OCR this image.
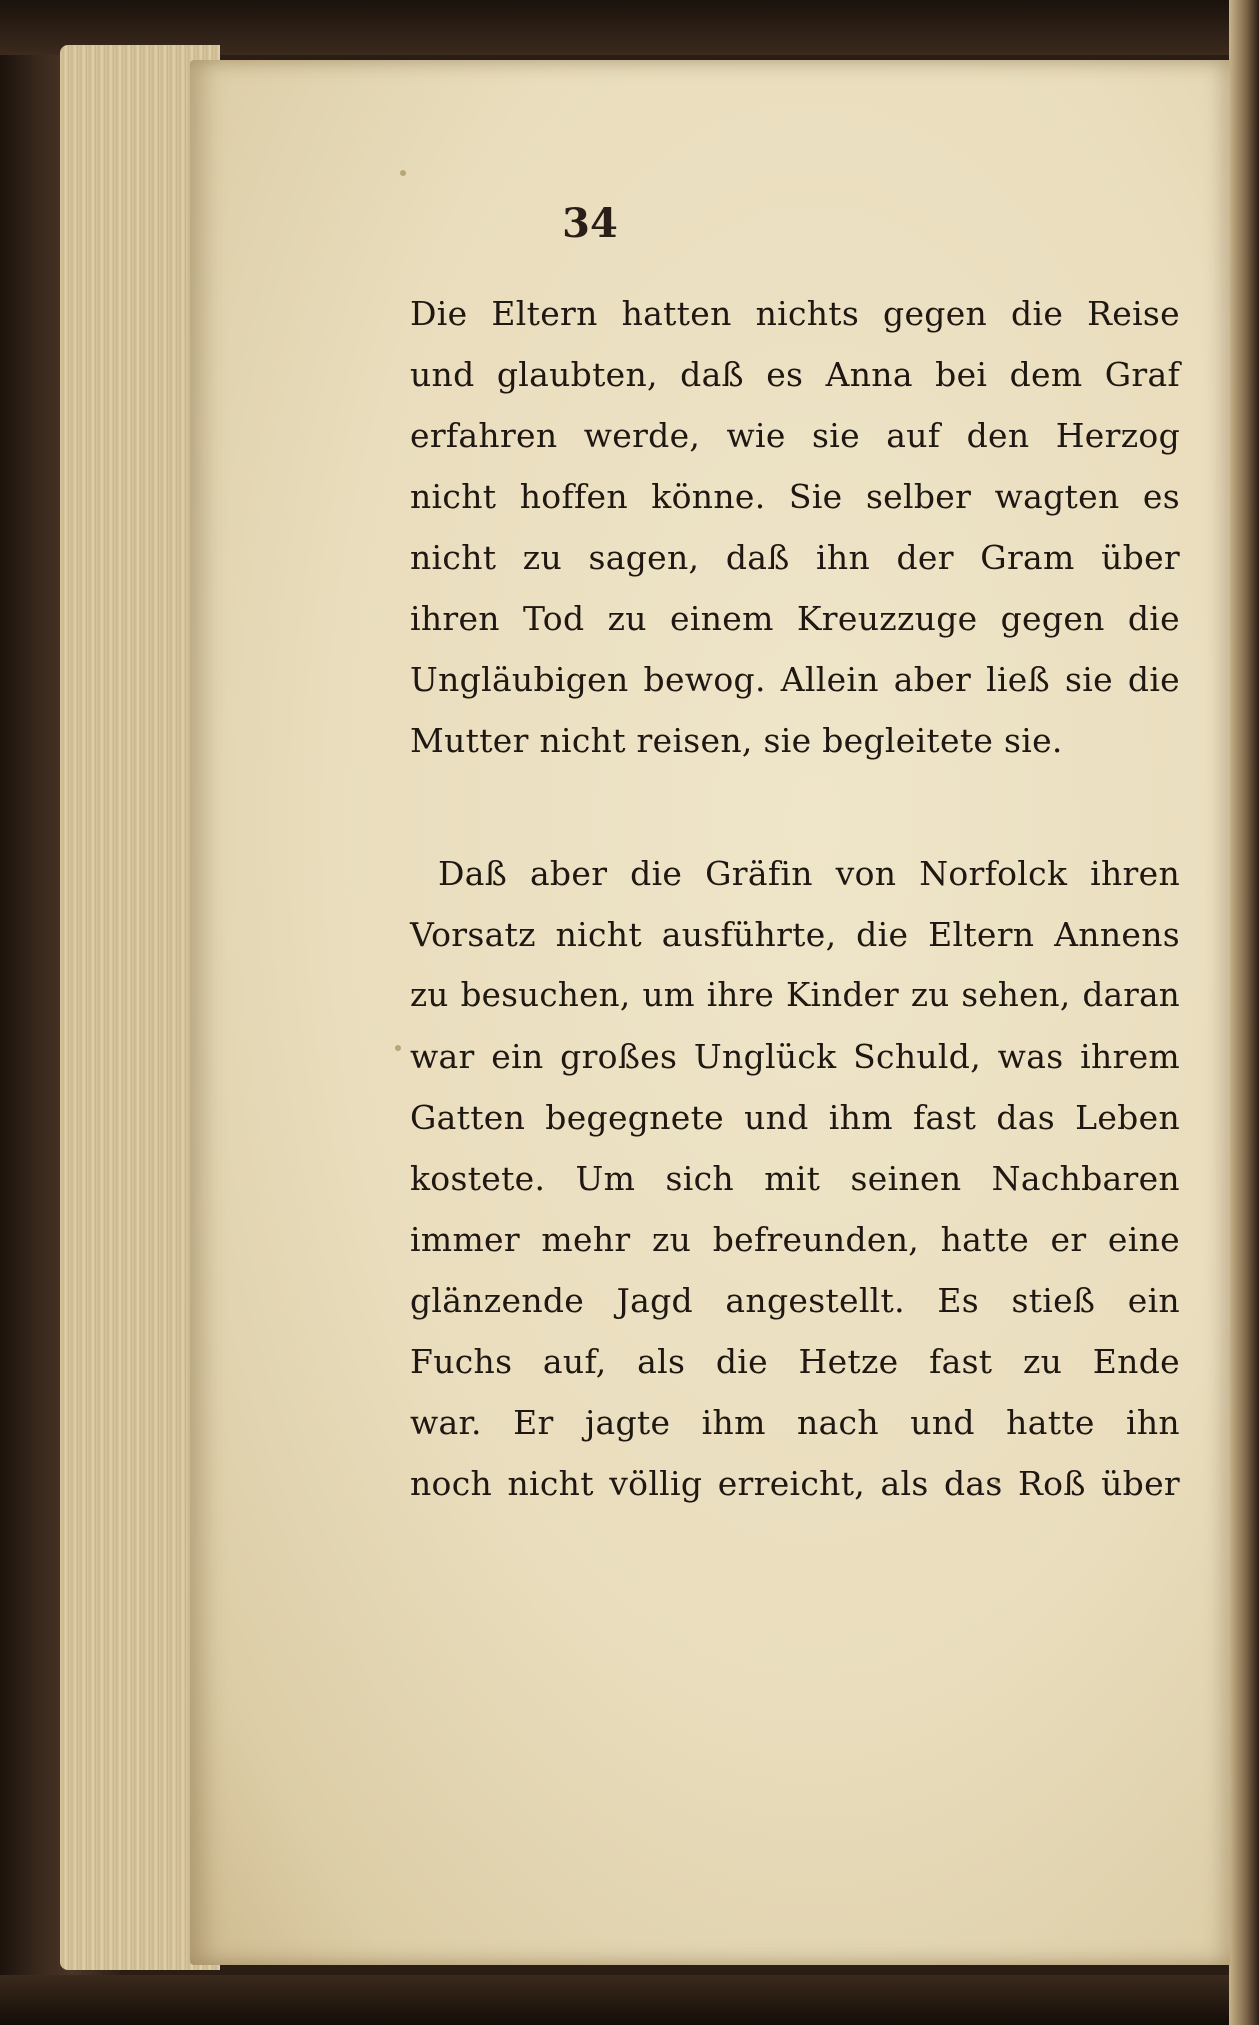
34
Die Eltern hatten nichts gegen die Reise
und glaubten, daß es Anna bei dem Graf
erfahren werde, wie sie auf den Herzog
nicht hoffen könne. Sie selber wagten es
nicht zu sagen, daß ihn der Gram über
ihren Tod zu einem Kreuzzuge gegen die
Ungläubigen bewog. Allein aber ließ sie die
Mutter nicht reisen, sie begleitete sie.
Daß aber die Gräfin von Norfolck ihren
Vorsatz nicht ausführte, die Eltern Annens
zu besuchen, um ihre Kinder zu sehen, daran
war ein großes Unglück Schuld, was ihrem
Gatten begegnete und ihm fast das Leben
kostete. Um sich mit seinen Nachbaren
immer mehr zu befreunden, hatte er eine
glänzende Jagd angestellt. Es stieß ein
Fuchs auf, als die Hetze fast zu Ende
war. Er jagte ihm nach und hatte ihn
noch nicht völlig erreicht, als das Roß über
